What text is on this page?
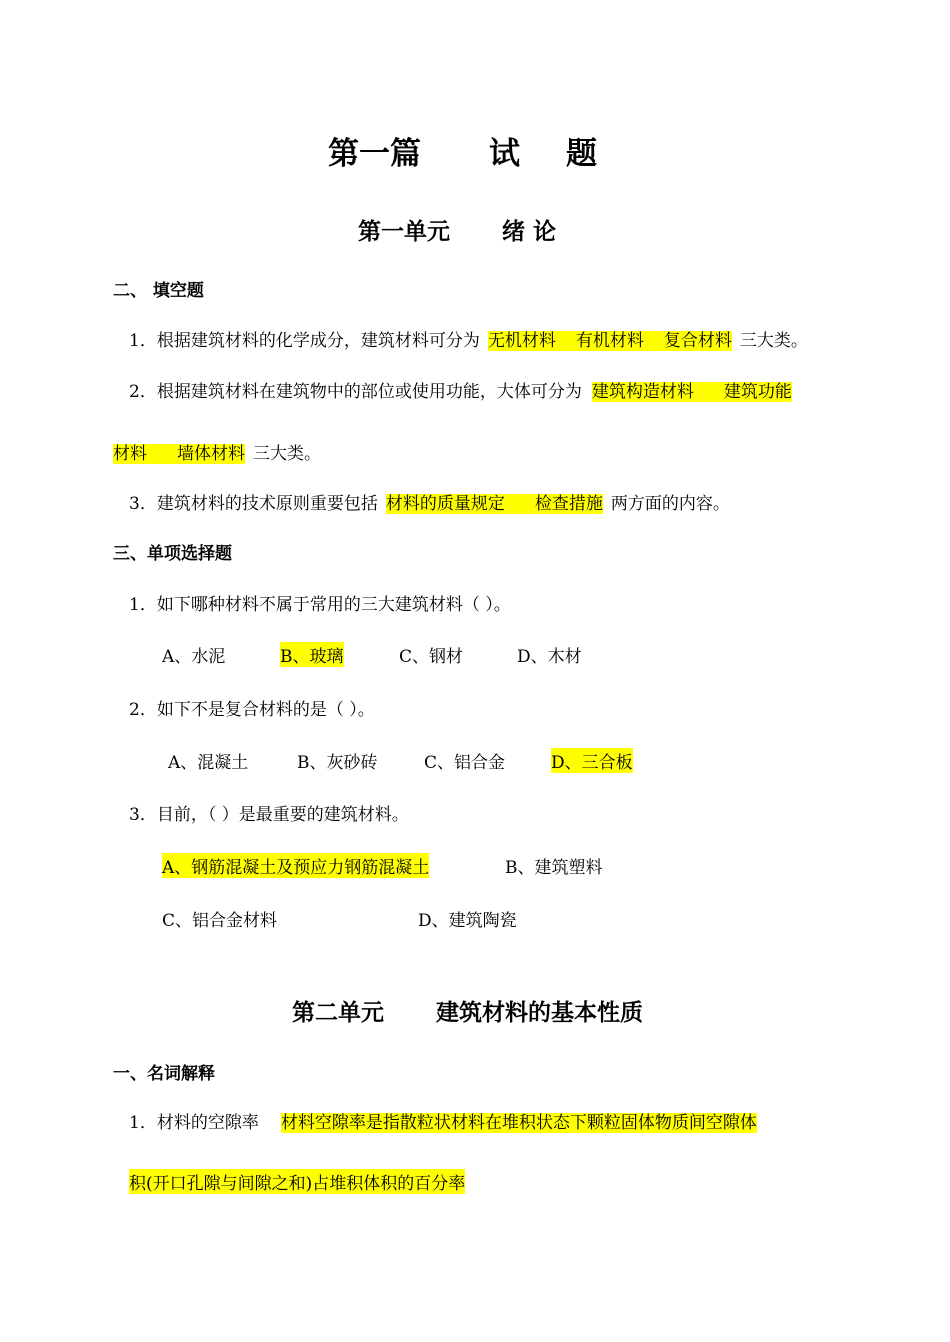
第一篇 试 题
第一单元 绪 论
二、 填空题
1．根据建筑材料的化学成分，建筑材料可分为 无机材料 有机材料 复合材料 三大类。
2．根据建筑材料在建筑物中的部位或使用功能，大体可分为 建筑构造材料 建筑功能
材料 墙体材料 三大类。
3．建筑材料的技术原则重要包括 材料的质量规定 检查措施 两方面的内容。
三、单项选择题
1．如下哪种材料不属于常用的三大建筑材料（ ）。
A、水泥	B、玻璃	C、钢材	D、木材
2．如下不是复合材料的是（ ）。
A、混凝土	B、灰砂砖	C、铝合金	D、三合板
3．目前，（ ）是最重要的建筑材料。
A、钢筋混凝土及预应力钢筋混凝土	B、建筑塑料
C、铝合金材料	D、建筑陶瓷
第二单元 建筑材料的基本性质
一、名词解释
1．材料的空隙率 材料空隙率是指散粒状材料在堆积状态下颗粒固体物质间空隙体
积(开口孔隙与间隙之和)占堆积体积的百分率
